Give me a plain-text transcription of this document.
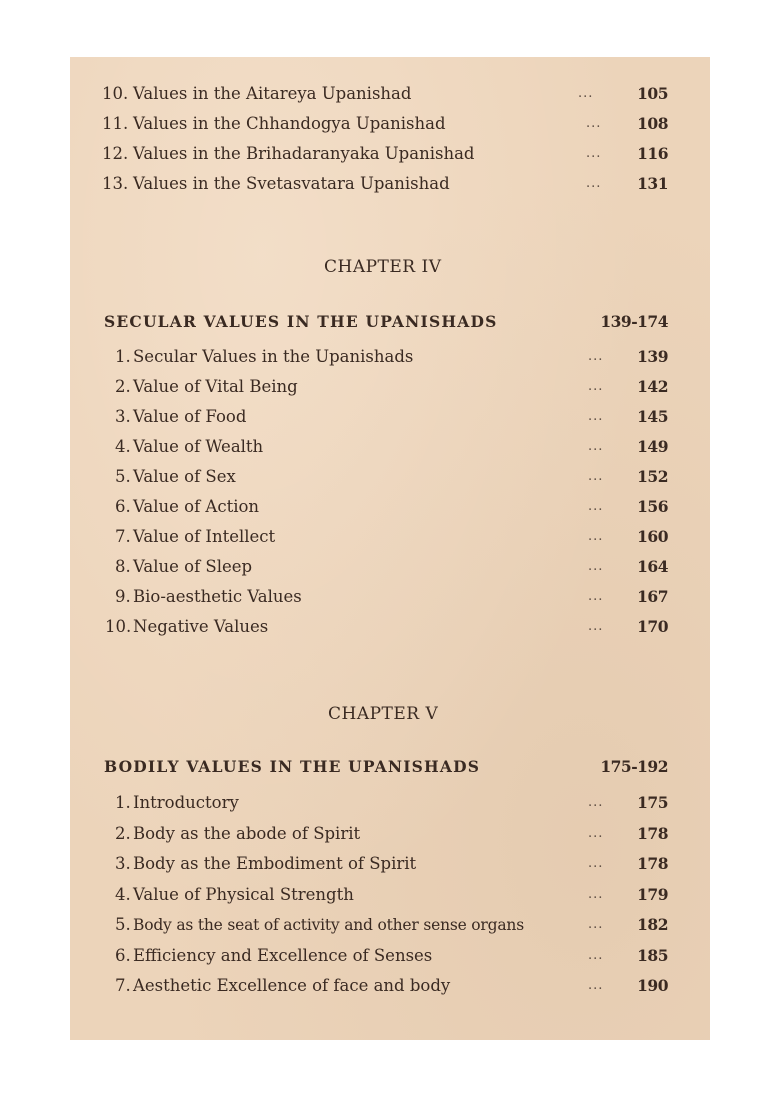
10. Values in the Aitareya Upanishad	...	105
11. Values in the Chhandogya Upanishad	... 108
12. Values in the Brihadaranyaka Upanishad	... 116
13. Values in the Svetasvatara Upanishad	... 131
CHAPTER IV
SECULAR VALUES IN THE UPANISHADS	139-174
1. Secular Values in the Upanishads	... 139
2. Value of Vital Being	... 142
3. Value of Food	... 145
4. Value of Wealth	... 149
5. Value of Sex	... 152
6. Value of Action	... 156
7. Value of Intellect	... 160
8. Value of Sleep	... 164
9. Bio-aesthetic Values	... 167
10. Negative Values	... 170
CHAPTER V
BODILY VALUES IN THE UPANISHADS	175-192
1. Introductory	... 175
2. Body as the abode of Spirit	... 178
3. Body as the Embodiment of Spirit	... 178
4. Value of Physical Strength	... 179
5. Body as the seat of activity and other sense organs	... 182
6. Efficiency and Excellence of Senses	... 185
7. Aesthetic Excellence of face and body	... 190
